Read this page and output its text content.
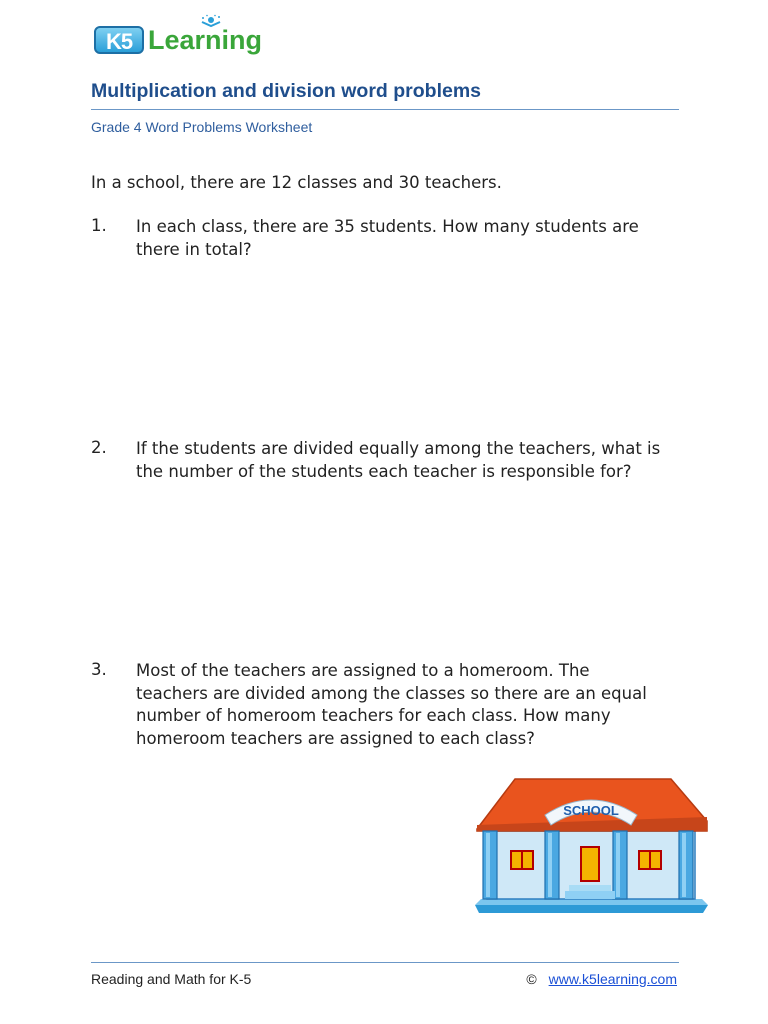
K5 Learning
Multiplication and division word problems
Grade 4 Word Problems Worksheet
In a school, there are 12 classes and 30 teachers.
1. In each class, there are 35 students. How many students are there in total?
2. If the students are divided equally among the teachers, what is the number of the students each teacher is responsible for?
3. Most of the teachers are assigned to a homeroom. The teachers are divided among the classes so there are an equal number of homeroom teachers for each class. How many homeroom teachers are assigned to each class?
SCHOOL
Reading and Math for K-5	© www.k5learning.com
